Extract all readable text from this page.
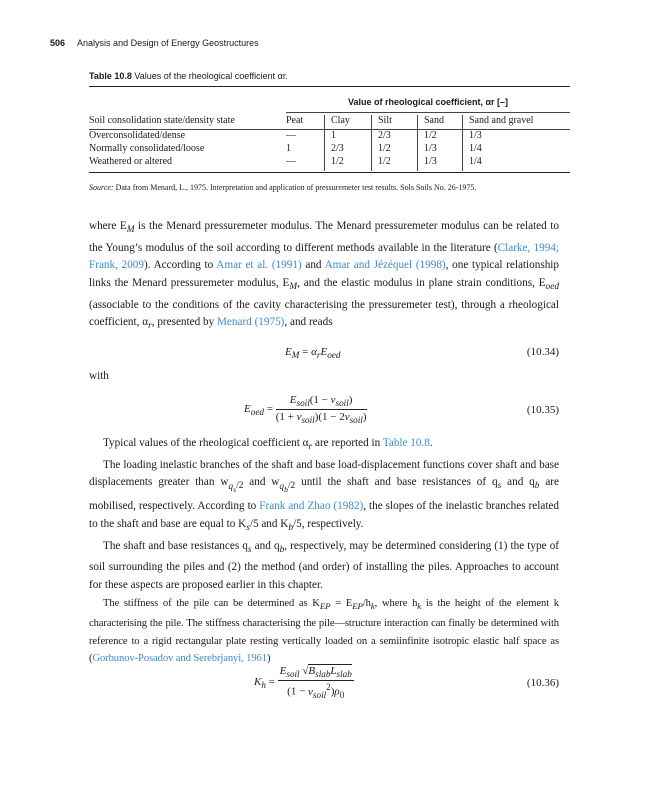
506 Analysis and Design of Energy Geostructures
Table 10.8 Values of the rheological coefficient αr.
Value of rheological coefficient, αr [–]
Soil consolidation state/density state	Peat	Clay	Silt	Sand	Sand and gravel
Overconsolidated/dense	—	1	2/3	1/2	1/3
Normally consolidated/loose	1	2/3	1/2	1/3	1/4
Weathered or altered	—	1/2	1/2	1/3	1/4
Source: Data from Menard, L., 1975. Interpretation and application of pressuremeter test results. Sols Soils No. 26-1975.

where $E_M$ is the Menard pressuremeter modulus. The Menard pressuremeter modulus can be related to the Young’s modulus of the soil according to different methods available in the literature (Clarke, 1994; Frank, 2009). According to Amar et al. (1991) and Amar and Jézéquel (1998), one typical relationship links the Menard pressuremeter modulus, $E_M$, and the elastic modulus in plane strain conditions, $E_{oed}$ (associable to the conditions of the cavity characterising the pressuremeter test), through a rheological coefficient, $\alpha_r$, presented by Menard (1975), and reads

$E_M = \alpha_rE_{oed}$	(10.34)
with
$E_{oed} = \frac{E_{soil}(1 - \nu_{soil})}{(1 + \nu_{soil})(1 - 2\nu_{soil})}$	(10.35)

Typical values of the rheological coefficient $\alpha_r$ are reported in Table 10.8.

The loading inelastic branches of the shaft and base load-displacement functions cover shaft and base displacements greater than $w_{q_s/2}$ and $w_{q_b/2}$ until the shaft and base resistances of $q_s$ and $q_b$ are mobilised, respectively. According to Frank and Zhao (1982), the slopes of the inelastic branches related to the shaft and base are equal to $K_s/5$ and $K_b/5$, respectively.

The shaft and base resistances $q_s$ and $q_b$, respectively, may be determined considering (1) the type of soil surrounding the piles and (2) the method (and order) of installing the piles. Approaches to account for these aspects are proposed earlier in this chapter.

The stiffness of the pile can be determined as $K_{EP} = E_{EP}/h_k$, where $h_k$ is the height of the element k characterising the pile. The stiffness characterising the pile—structure interaction can finally be determined with reference to a rigid rectangular plate resting vertically loaded on a semiinfinite isotropic elastic half space as (Gorbunov-Posadov and Serebrjanyi, 1961)

$K_h = \frac{E_{soil} √B_{slab}L_{slab}}{(1 - \nu_{soil}^2)\rho_0}$	(10.36)
